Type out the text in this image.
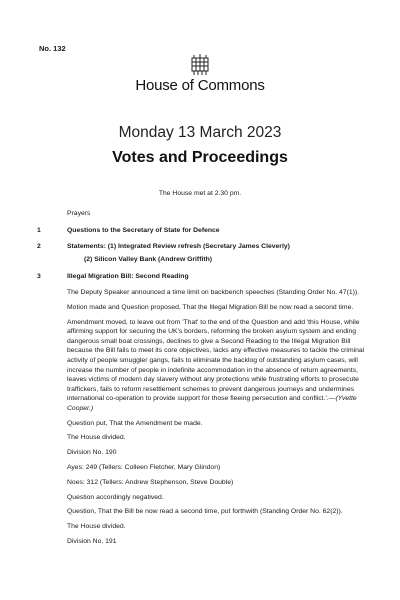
No. 132
House of Commons
Monday 13 March 2023
Votes and Proceedings
The House met at 2.30 pm.
Prayers
1	Questions to the Secretary of State for Defence
2	Statements: (1) Integrated Review refresh (Secretary James Cleverly)
(2) Silicon Valley Bank (Andrew Griffith)
3	Illegal Migration Bill: Second Reading

The Deputy Speaker announced a time limit on backbench speeches (Standing Order No. 47(1)).

Motion made and Question proposed, That the Illegal Migration Bill be now read a second time.

Amendment moved, to leave out from 'That' to the end of the Question and add 'this House, while affirming support for securing the UK's borders, reforming the broken asylum system and ending dangerous small boat crossings, declines to give a Second Reading to the Illegal Migration Bill because the Bill fails to meet its core objectives, lacks any effective measures to tackle the criminal activity of people smuggler gangs, fails to eliminate the backlog of outstanding asylum cases, will increase the number of people in indefinite accommodation in the absence of return agreements, leaves victims of modern day slavery without any protections while frustrating efforts to prosecute traffickers, fails to reform resettlement schemes to prevent dangerous journeys and undermines international co-operation to provide support for those fleeing persecution and conflict.'.—(Yvette Cooper.)

Question put, That the Amendment be made.

The House divided.

Division No. 190

Ayes: 249 (Tellers: Colleen Fletcher, Mary Glindon)

Noes: 312 (Tellers: Andrew Stephenson, Steve Double)

Question accordingly negatived.

Question, That the Bill be now read a second time, put forthwith (Standing Order No. 62(2)).

The House divided.

Division No. 191
